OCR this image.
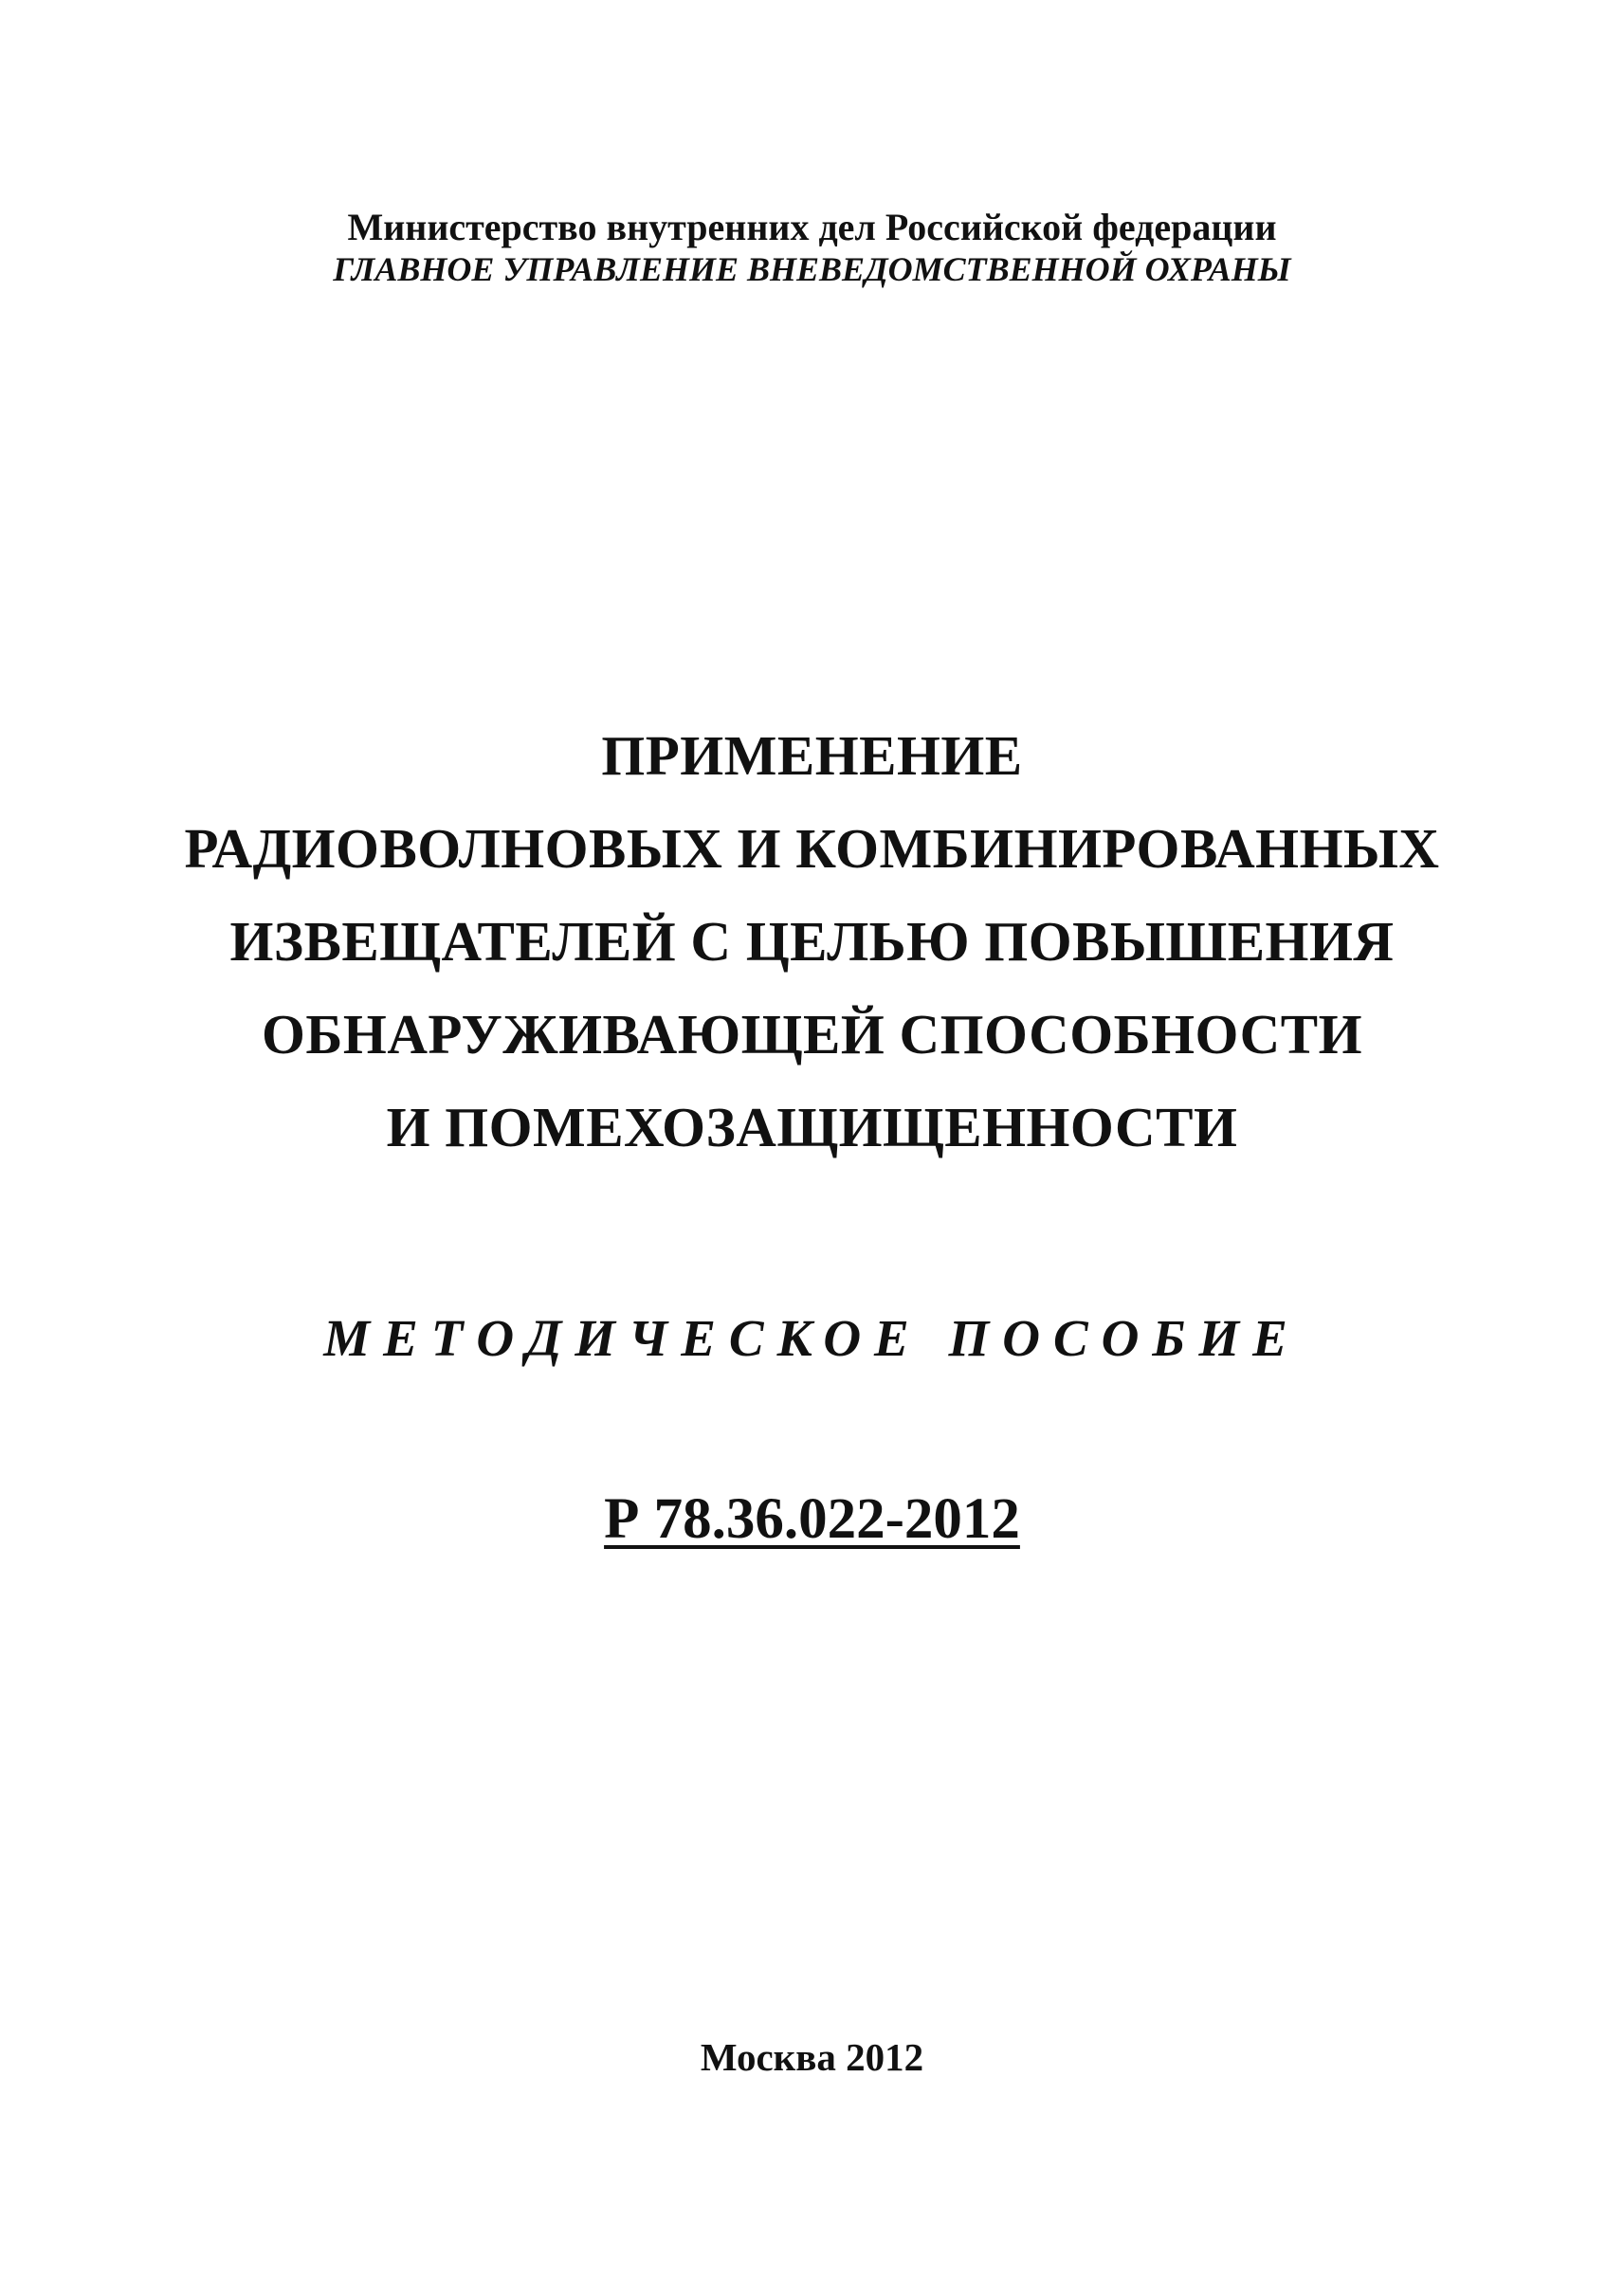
Министерство внутренних дел Российской федерации
ГЛАВНОЕ УПРАВЛЕНИЕ ВНЕВЕДОМСТВЕННОЙ ОХРАНЫ
ПРИМЕНЕНИЕ
РАДИОВОЛНОВЫХ И КОМБИНИРОВАННЫХ
ИЗВЕЩАТЕЛЕЙ С ЦЕЛЬЮ ПОВЫШЕНИЯ
ОБНАРУЖИВАЮЩЕЙ СПОСОБНОСТИ
И ПОМЕХОЗАЩИЩЕННОСТИ
МЕТОДИЧЕСКОЕ ПОСОБИЕ
Р 78.36.022-2012
Москва 2012
